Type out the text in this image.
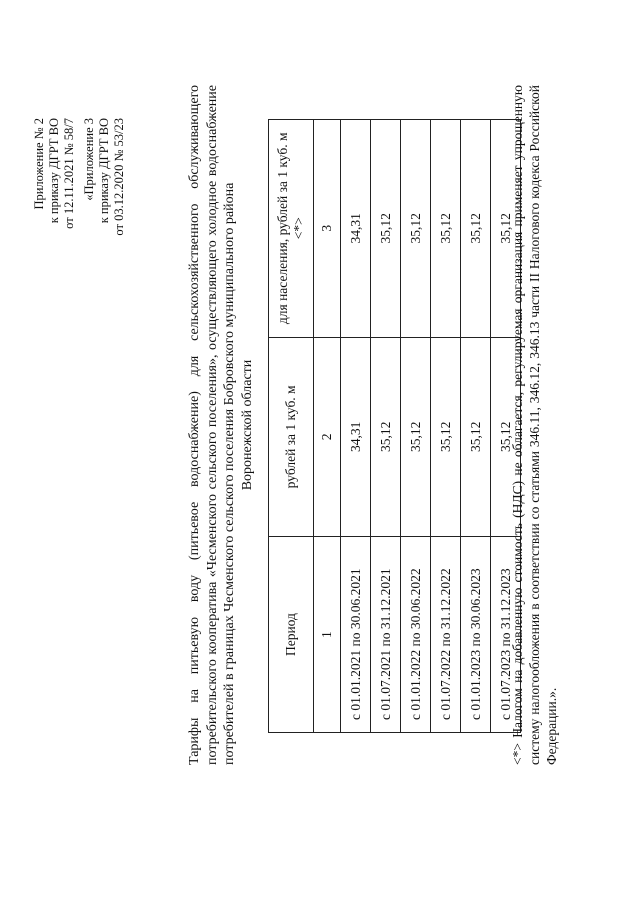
Приложение № 2 к приказу ДГРТ ВО от 12.11.2021 № 58/7 «Приложение 3 к приказу ДГРТ ВО от 03.12.2020 № 53/23	Тарифы на питьевую воду (питьевое водоснабжение) для сельскохозяйственного обслуживающего потребительского кооператива «Чесменского сельского поселения», осуществляющего холодное водоснабжение потребителей в границах Чесменского сельского поселения Бобровского муниципального района Воронежской области
Период	рублей за 1 куб. м	для населения, рублей за 1 куб. м <*>
1	2	3
с 01.01.2021 по 30.06.2021	34,31	34,31
с 01.07.2021 по 31.12.2021	35,12	35,12
с 01.01.2022 по 30.06.2022	35,12	35,12
с 01.07.2022 по 31.12.2022	35,12	35,12
с 01.01.2023 по 30.06.2023	35,12	35,12
с 01.07.2023 по 31.12.2023	35,12	35,12
<*> Налогом на добавленную стоимость (НДС) не облагается, регулируемая организация применяет упрощенную систему налогообложения в соответствии со статьями 346.11, 346.12, 346.13 части II Налогового кодекса Российской Федерации.».
